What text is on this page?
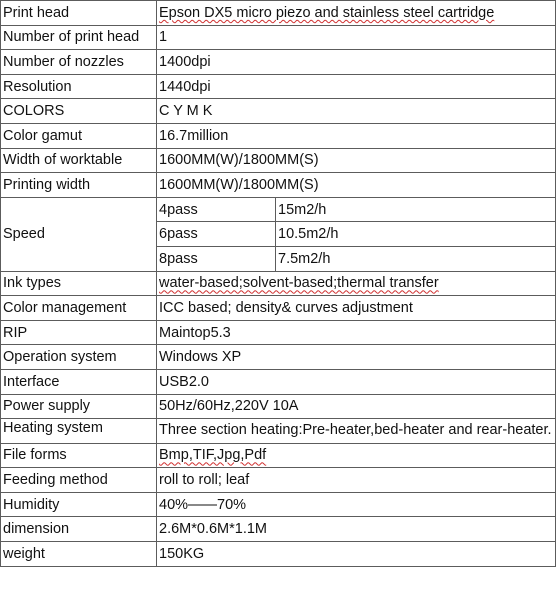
Print head	Epson DX5 micro piezo and stainless steel cartridge	
Number of print head	1	
Number of nozzles	1400dpi	
Resolution	1440dpi	
COLORS	C Y M K	
Color gamut	16.7million	
Width of worktable	1600MM(W)/1800MM(S)	
Printing width	1600MM(W)/1800MM(S)	
Speed	4pass	15m2/h
	6pass	10.5m2/h
	8pass	7.5m2/h
Ink types	water-based;solvent-based;thermal transfer	
Color management	ICC based; density& curves adjustment	
RIP	Maintop5.3	
Operation system	Windows XP	
Interface	USB2.0	
Power supply	50Hz/60Hz,220V 10A	
Heating system	Three section heating:Pre-heater,bed-heater and rear-heater.	
File forms	Bmp,TIF,Jpg,Pdf	
Feeding method	roll to roll; leaf	
Humidity	40%——70%	
dimension	2.6M*0.6M*1.1M	
weight	150KG	
